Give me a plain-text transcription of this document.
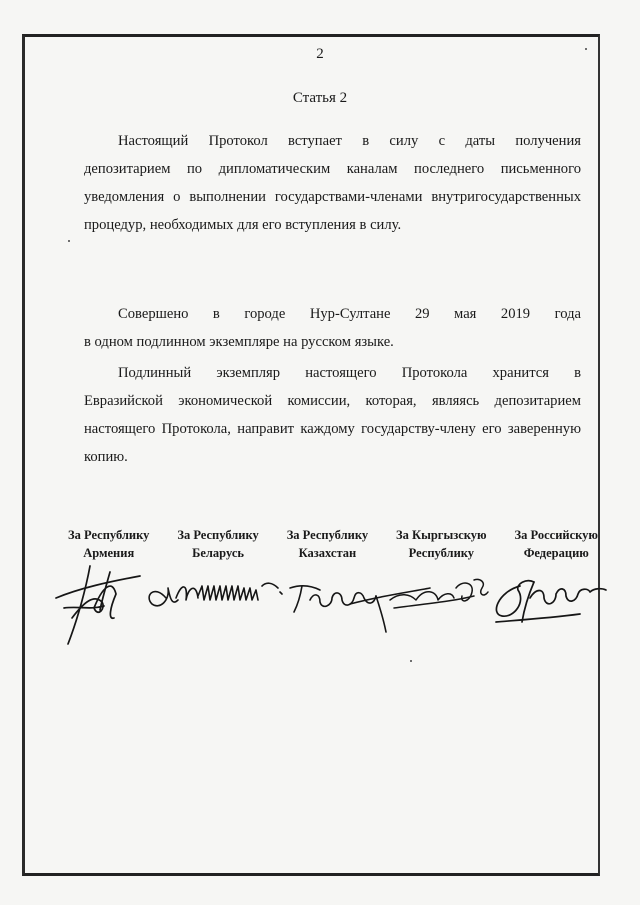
2
Статья 2

Настоящий Протокол вступает в силу с даты получения
депозитарием по дипломатическим каналам последнего письменного уведомления о выполнении государствами-членами внутригосударственных процедур, необходимых для его вступления в силу.

Совершено в городе Нур-Султане 29 мая 2019 года
в одном подлинном экземпляре на русском языке.

Подлинный экземпляр настоящего Протокола хранится в
Евразийской экономической комиссии, которая, являясь депозитарием настоящего Протокола, направит каждому государству-члену его заверенную копию.

За Республику
Армения
За Республику
Беларусь
За Республику
Казахстан
За Кыргызскую
Республику
За Российскую
Федерацию
